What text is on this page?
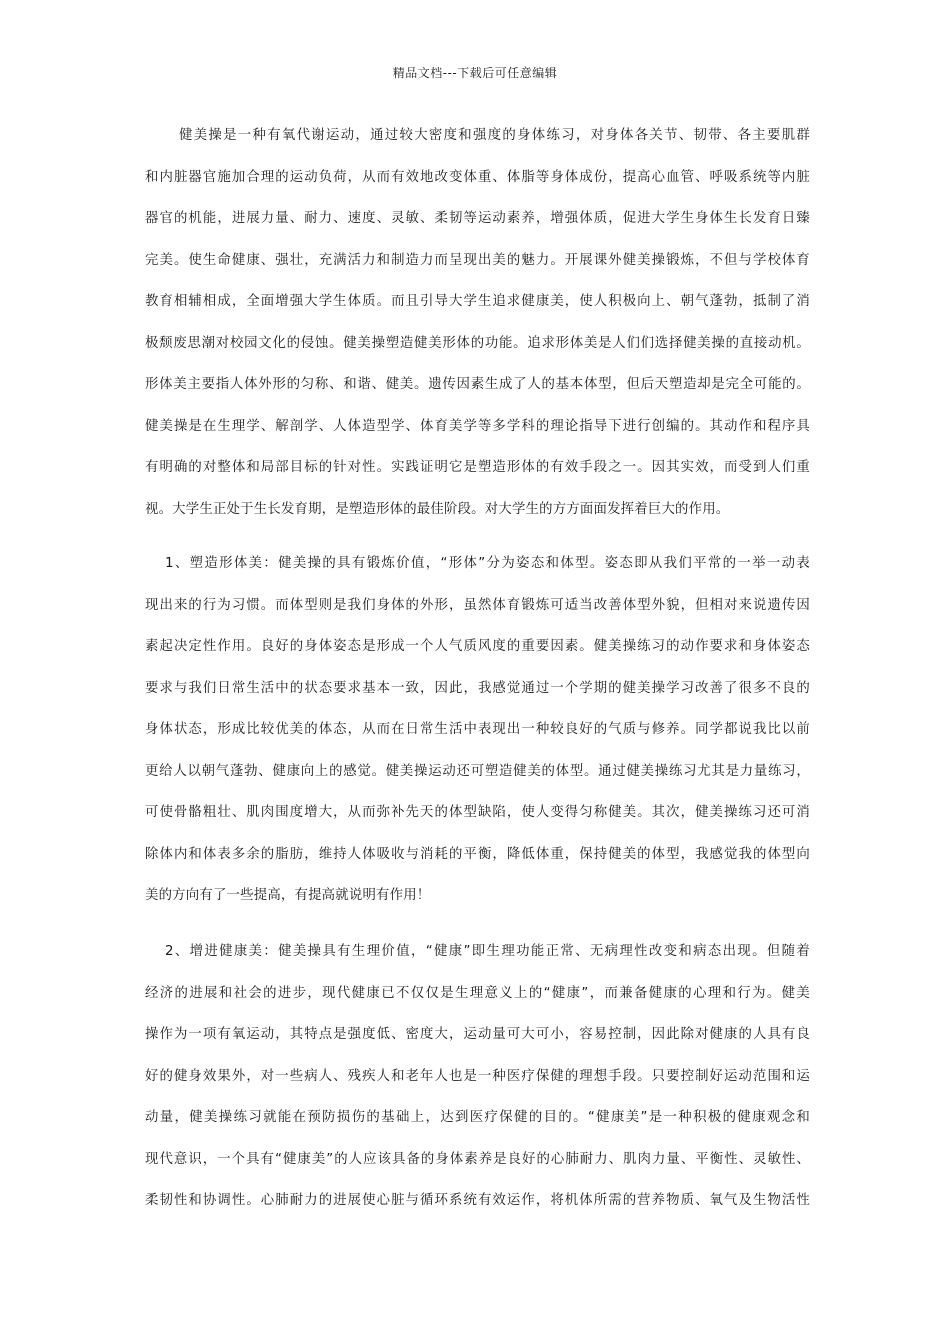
精品文档---下载后可任意编辑
健美操是一种有氧代谢运动，通过较大密度和强度的身体练习，对身体各关节、韧带、各主要肌群
和内脏器官施加合理的运动负荷，从而有效地改变体重、体脂等身体成份，提高心血管、呼吸系统等内脏
器官的机能，进展力量、耐力、速度、灵敏、柔韧等运动素养，增强体质，促进大学生身体生长发育日臻
完美。使生命健康、强壮，充满活力和制造力而呈现出美的魅力。开展课外健美操锻炼，不但与学校体育
教育相辅相成，全面增强大学生体质。而且引导大学生追求健康美，使人积极向上、朝气蓬勃，抵制了消
极颓废思潮对校园文化的侵蚀。健美操塑造健美形体的功能。追求形体美是人们们选择健美操的直接动机。
形体美主要指人体外形的匀称、和谐、健美。遗传因素生成了人的基本体型，但后天塑造却是完全可能的。
健美操是在生理学、解剖学、人体造型学、体育美学等多学科的理论指导下进行创编的。其动作和程序具
有明确的对整体和局部目标的针对性。实践证明它是塑造形体的有效手段之一。因其实效，而受到人们重
视。大学生正处于生长发育期，是塑造形体的最佳阶段。对大学生的方方面面发挥着巨大的作用。
1、塑造形体美：健美操的具有锻炼价值，“形体”分为姿态和体型。姿态即从我们平常的一举一动表
现出来的行为习惯。而体型则是我们身体的外形，虽然体育锻炼可适当改善体型外貌，但相对来说遗传因
素起决定性作用。良好的身体姿态是形成一个人气质风度的重要因素。健美操练习的动作要求和身体姿态
要求与我们日常生活中的状态要求基本一致，因此，我感觉通过一个学期的健美操学习改善了很多不良的
身体状态，形成比较优美的体态，从而在日常生活中表现出一种较良好的气质与修养。同学都说我比以前
更给人以朝气蓬勃、健康向上的感觉。健美操运动还可塑造健美的体型。通过健美操练习尤其是力量练习，
可使骨骼粗壮、肌肉围度增大，从而弥补先天的体型缺陷，使人变得匀称健美。其次，健美操练习还可消
除体内和体表多余的脂肪，维持人体吸收与消耗的平衡，降低体重，保持健美的体型，我感觉我的体型向
美的方向有了一些提高，有提高就说明有作用！
2、增进健康美：健美操具有生理价值，“健康”即生理功能正常、无病理性改变和病态出现。但随着
经济的进展和社会的进步，现代健康已不仅仅是生理意义上的“健康”，而兼备健康的心理和行为。健美
操作为一项有氧运动，其特点是强度低、密度大，运动量可大可小，容易控制，因此除对健康的人具有良
好的健身效果外，对一些病人、残疾人和老年人也是一种医疗保健的理想手段。只要控制好运动范围和运
动量，健美操练习就能在预防损伤的基础上，达到医疗保健的目的。“健康美”是一种积极的健康观念和
现代意识，一个具有“健康美”的人应该具备的身体素养是良好的心肺耐力、肌肉力量、平衡性、灵敏性、
柔韧性和协调性。心肺耐力的进展使心脏与循环系统有效运作，将机体所需的营养物质、氧气及生物活性
